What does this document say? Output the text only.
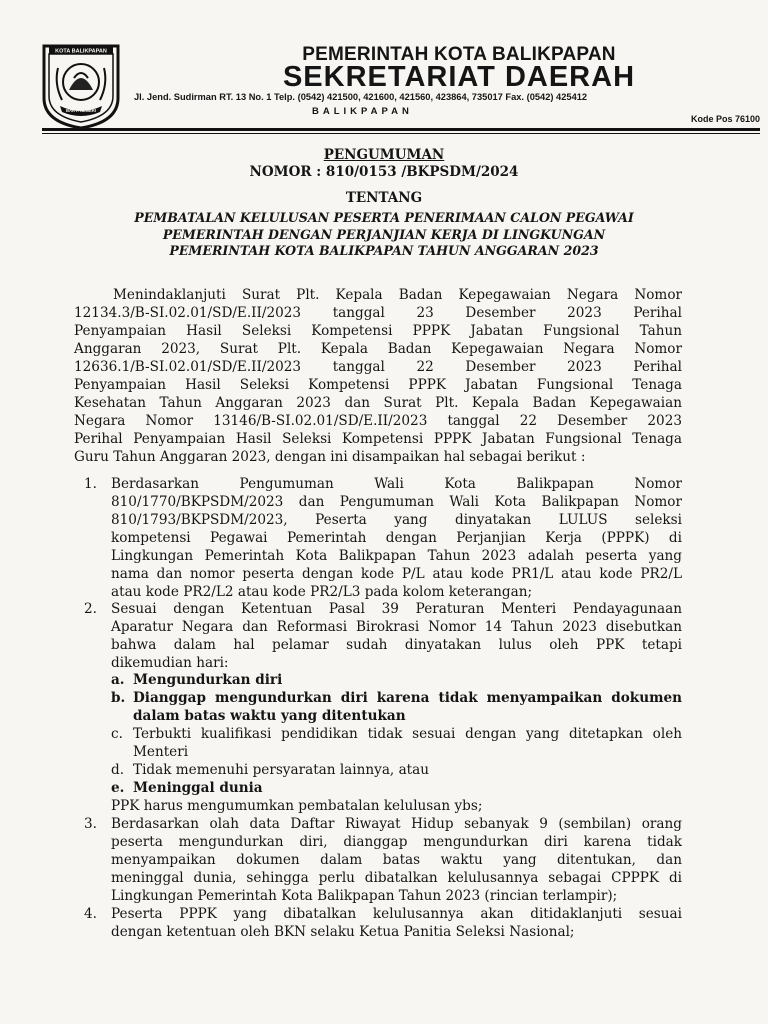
KOTA BALIKPAPAN
BAKTI NEGERI
PEMERINTAH KOTA BALIKPAPAN
SEKRETARIAT DAERAH
Jl. Jend. Sudirman RT. 13 No. 1 Telp. (0542) 421500, 421600, 421560, 423864, 735017 Fax. (0542) 425412
BALIKPAPAN
Kode Pos 76100
PENGUMUMAN
NOMOR : 810/0153 /BKPSDM/2024
TENTANG
PEMBATALAN KELULUSAN PESERTA PENERIMAAN CALON PEGAWAI
PEMERINTAH DENGAN PERJANJIAN KERJA DI LINGKUNGAN
PEMERINTAH KOTA BALIKPAPAN TAHUN ANGGARAN 2023
Menindaklanjuti Surat Plt. Kepala Badan Kepegawaian Negara Nomor
12134.3/B-SI.02.01/SD/E.II/2023 tanggal 23 Desember 2023 Perihal
Penyampaian Hasil Seleksi Kompetensi PPPK Jabatan Fungsional Tahun
Anggaran 2023, Surat Plt. Kepala Badan Kepegawaian Negara Nomor
12636.1/B-SI.02.01/SD/E.II/2023 tanggal 22 Desember 2023 Perihal
Penyampaian Hasil Seleksi Kompetensi PPPK Jabatan Fungsional Tenaga
Kesehatan Tahun Anggaran 2023 dan Surat Plt. Kepala Badan Kepegawaian
Negara Nomor 13146/B-SI.02.01/SD/E.II/2023 tanggal 22 Desember 2023
Perihal Penyampaian Hasil Seleksi Kompetensi PPPK Jabatan Fungsional Tenaga
Guru Tahun Anggaran 2023, dengan ini disampaikan hal sebagai berikut :
1. Berdasarkan Pengumuman Wali Kota Balikpapan Nomor
810/1770/BKPSDM/2023 dan Pengumuman Wali Kota Balikpapan Nomor
810/1793/BKPSDM/2023, Peserta yang dinyatakan LULUS seleksi
kompetensi Pegawai Pemerintah dengan Perjanjian Kerja (PPPK) di
Lingkungan Pemerintah Kota Balikpapan Tahun 2023 adalah peserta yang
nama dan nomor peserta dengan kode P/L atau kode PR1/L atau kode PR2/L
atau kode PR2/L2 atau kode PR2/L3 pada kolom keterangan;
2. Sesuai dengan Ketentuan Pasal 39 Peraturan Menteri Pendayagunaan
Aparatur Negara dan Reformasi Birokrasi Nomor 14 Tahun 2023 disebutkan
bahwa dalam hal pelamar sudah dinyatakan lulus oleh PPK tetapi
dikemudian hari:
a. Mengundurkan diri
b. Dianggap mengundurkan diri karena tidak menyampaikan dokumen
dalam batas waktu yang ditentukan
c. Terbukti kualifikasi pendidikan tidak sesuai dengan yang ditetapkan oleh
Menteri
d. Tidak memenuhi persyaratan lainnya, atau
e. Meninggal dunia
PPK harus mengumumkan pembatalan kelulusan ybs;
3. Berdasarkan olah data Daftar Riwayat Hidup sebanyak 9 (sembilan) orang
peserta mengundurkan diri, dianggap mengundurkan diri karena tidak
menyampaikan dokumen dalam batas waktu yang ditentukan, dan
meninggal dunia, sehingga perlu dibatalkan kelulusannya sebagai CPPPK di
Lingkungan Pemerintah Kota Balikpapan Tahun 2023 (rincian terlampir);
4. Peserta PPPK yang dibatalkan kelulusannya akan ditidaklanjuti sesuai
dengan ketentuan oleh BKN selaku Ketua Panitia Seleksi Nasional;
